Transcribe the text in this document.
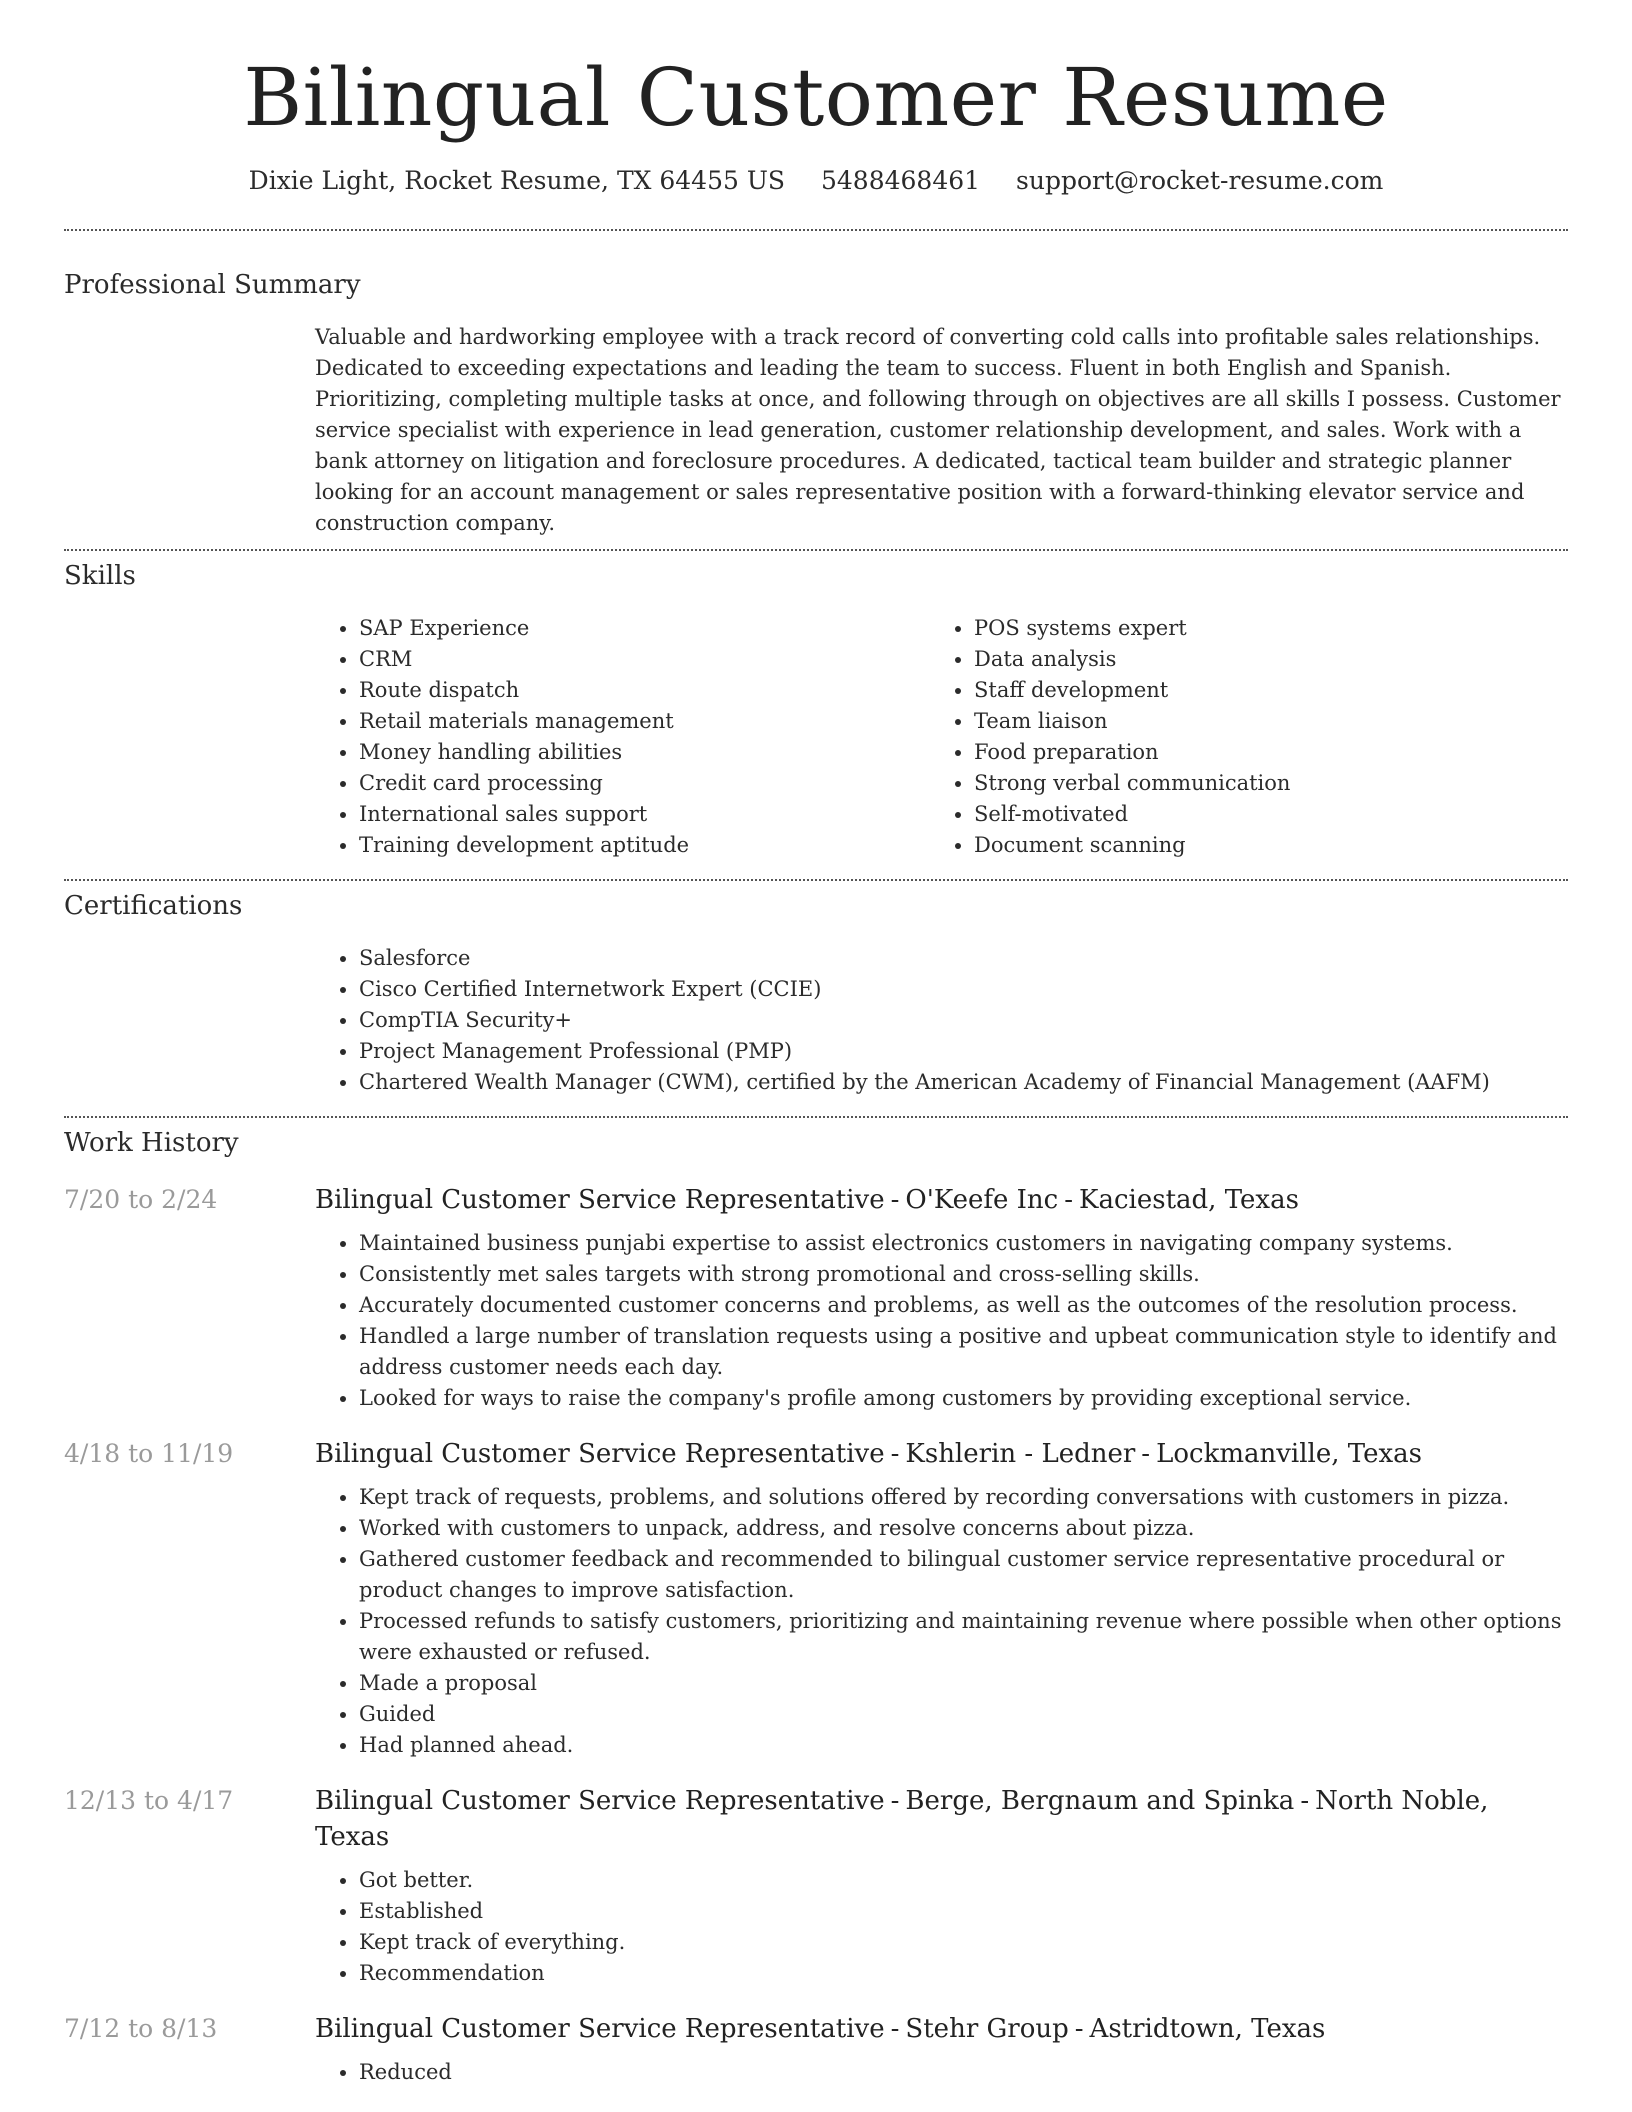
Bilingual Customer Resume
Dixie Light, Rocket Resume, TX 64455 US 5488468461 support@rocket-resume.com
Professional Summary

Valuable and hardworking employee with a track record of converting cold calls into profitable sales relationships. Dedicated to exceeding expectations and leading the team to success. Fluent in both English and Spanish. Prioritizing, completing multiple tasks at once, and following through on objectives are all skills I possess. Customer service specialist with experience in lead generation, customer relationship development, and sales. Work with a bank attorney on litigation and foreclosure procedures. A dedicated, tactical team builder and strategic planner looking for an account management or sales representative position with a forward-thinking elevator service and construction company.

Skills
• SAP Experience
• CRM
• Route dispatch
• Retail materials management
• Money handling abilities
• Credit card processing
• International sales support
• Training development aptitude
• POS systems expert
• Data analysis
• Staff development
• Team liaison
• Food preparation
• Strong verbal communication
• Self-motivated
• Document scanning
Certifications
• Salesforce
• Cisco Certified Internetwork Expert (CCIE)
• CompTIA Security+
• Project Management Professional (PMP)
• Chartered Wealth Manager (CWM), certified by the American Academy of Financial Management (AAFM)
Work History
7/20 to 2/24	Bilingual Customer Service Representative - O'Keefe Inc - Kaciestad, Texas
• Maintained business punjabi expertise to assist electronics customers in navigating company systems.
• Consistently met sales targets with strong promotional and cross-selling skills.
• Accurately documented customer concerns and problems, as well as the outcomes of the resolution process.
• Handled a large number of translation requests using a positive and upbeat communication style to identify and address customer needs each day.
• Looked for ways to raise the company's profile among customers by providing exceptional service.
4/18 to 11/19	Bilingual Customer Service Representative - Kshlerin - Ledner - Lockmanville, Texas
• Kept track of requests, problems, and solutions offered by recording conversations with customers in pizza.
• Worked with customers to unpack, address, and resolve concerns about pizza.
• Gathered customer feedback and recommended to bilingual customer service representative procedural or product changes to improve satisfaction.
• Processed refunds to satisfy customers, prioritizing and maintaining revenue where possible when other options were exhausted or refused.
• Made a proposal
• Guided
• Had planned ahead.
12/13 to 4/17	Bilingual Customer Service Representative - Berge, Bergnaum and Spinka - North Noble, Texas
• Got better.
• Established
• Kept track of everything.
• Recommendation
7/12 to 8/13	Bilingual Customer Service Representative - Stehr Group - Astridtown, Texas
• Reduced
